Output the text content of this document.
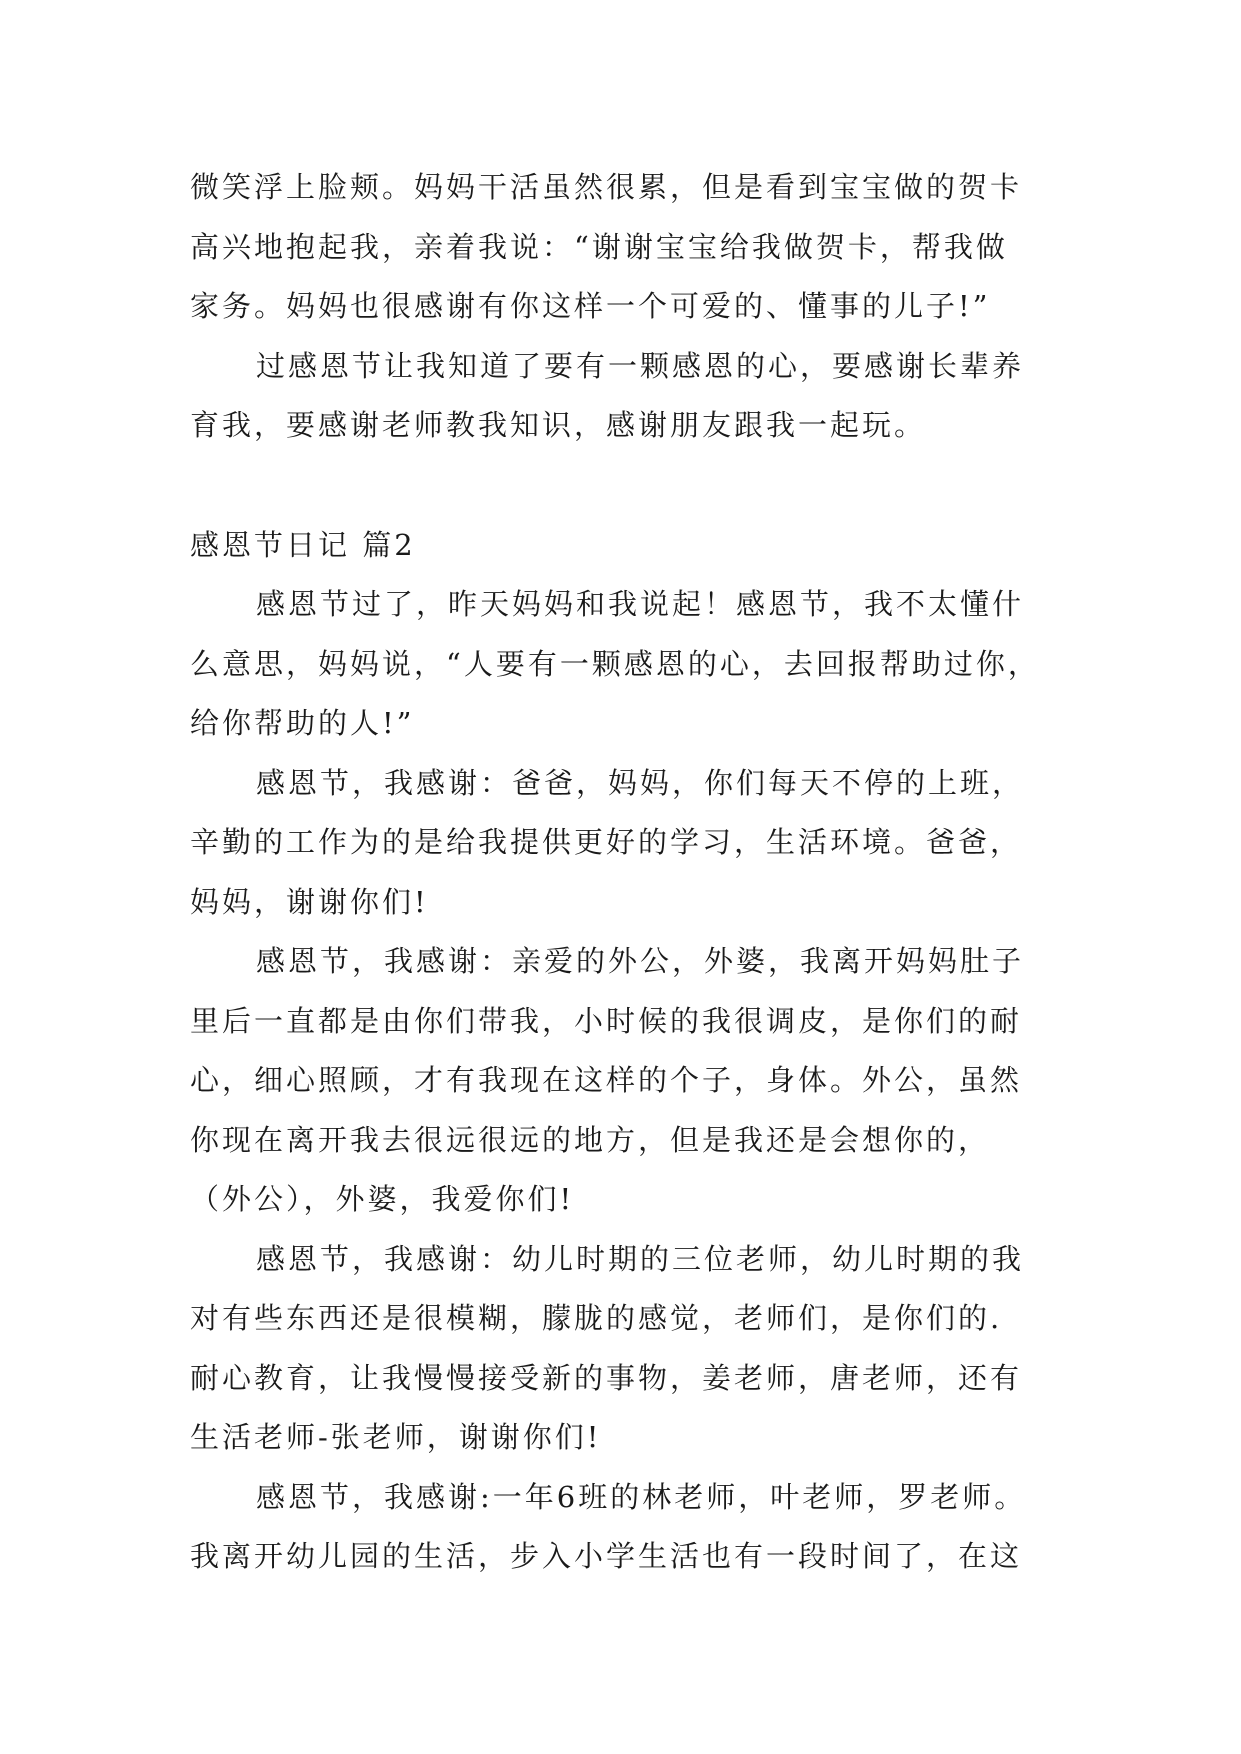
微笑浮上脸颊。妈妈干活虽然很累，但是看到宝宝做的贺卡
高兴地抱起我，亲着我说：“谢谢宝宝给我做贺卡，帮我做
家务。妈妈也很感谢有你这样一个可爱的、懂事的儿子!”
过感恩节让我知道了要有一颗感恩的心，要感谢长辈养
育我，要感谢老师教我知识，感谢朋友跟我一起玩。
感恩节日记 篇2
感恩节过了，昨天妈妈和我说起！感恩节，我不太懂什
么意思，妈妈说，“人要有一颗感恩的心，去回报帮助过你，
给你帮助的人!”
感恩节，我感谢：爸爸，妈妈，你们每天不停的上班，
辛勤的工作为的是给我提供更好的学习，生活环境。爸爸，
妈妈，谢谢你们!
感恩节，我感谢：亲爱的外公，外婆，我离开妈妈肚子
里后一直都是由你们带我，小时候的我很调皮，是你们的耐
心，细心照顾，才有我现在这样的个子，身体。外公，虽然
你现在离开我去很远很远的地方，但是我还是会想你的，
（外公），外婆，我爱你们!
感恩节，我感谢：幼儿时期的三位老师，幼儿时期的我
对有些东西还是很模糊，朦胧的感觉，老师们，是你们的.
耐心教育，让我慢慢接受新的事物，姜老师，唐老师，还有
生活老师-张老师，谢谢你们!
感恩节，我感谢:一年6班的林老师，叶老师，罗老师。
我离开幼儿园的生活，步入小学生活也有一段时间了，在这
